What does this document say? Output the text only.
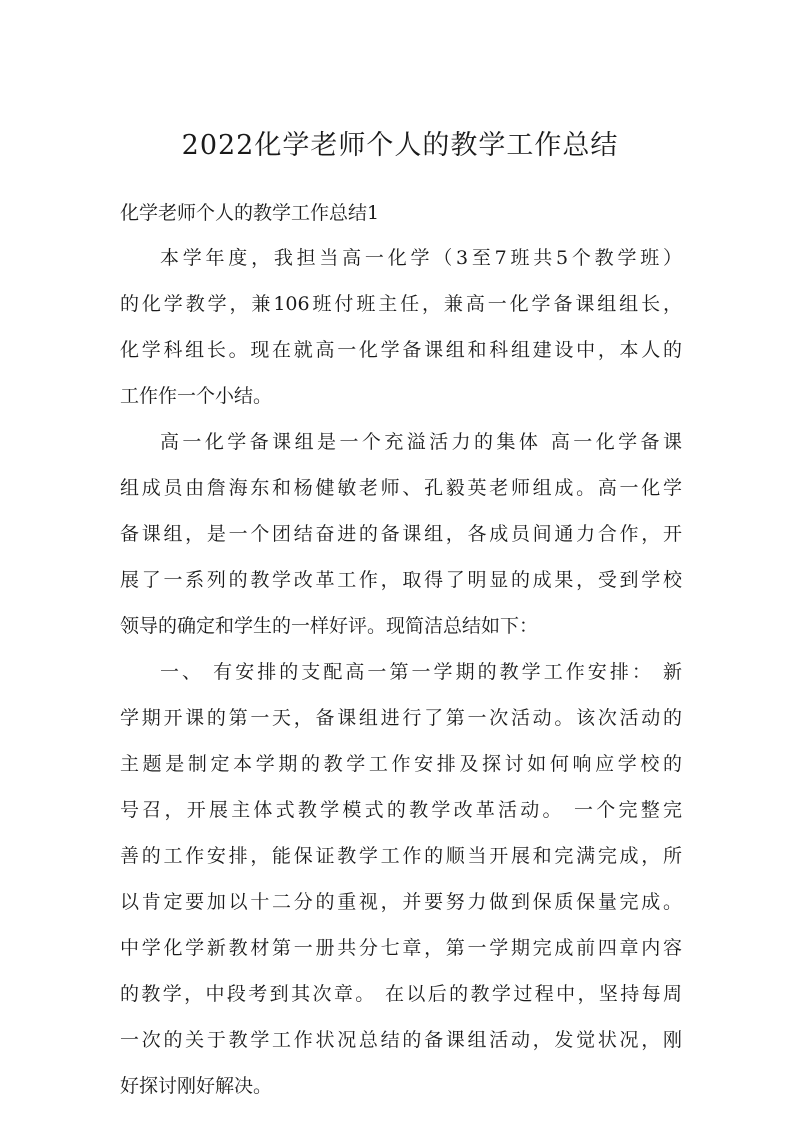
2022化学老师个人的教学工作总结

化学老师个人的教学工作总结1

本学年度，我担当高一化学（3至7班共5个教学班）

的化学教学，兼106班付班主任，兼高一化学备课组组长，

化学科组长。现在就高一化学备课组和科组建设中，本人的

工作作一个小结。

高一化学备课组是一个充溢活力的集体 高一化学备课

组成员由詹海东和杨健敏老师、孔毅英老师组成。高一化学

备课组，是一个团结奋进的备课组，各成员间通力合作，开

展了一系列的教学改革工作，取得了明显的成果，受到学校

领导的确定和学生的一样好评。现简洁总结如下：

一、 有安排的支配高一第一学期的教学工作安排： 新

学期开课的第一天，备课组进行了第一次活动。该次活动的

主题是制定本学期的教学工作安排及探讨如何响应学校的

号召，开展主体式教学模式的教学改革活动。 一个完整完

善的工作安排，能保证教学工作的顺当开展和完满完成，所

以肯定要加以十二分的重视，并要努力做到保质保量完成。

中学化学新教材第一册共分七章，第一学期完成前四章内容

的教学，中段考到其次章。 在以后的教学过程中，坚持每周

一次的关于教学工作状况总结的备课组活动，发觉状况，刚

好探讨刚好解决。
